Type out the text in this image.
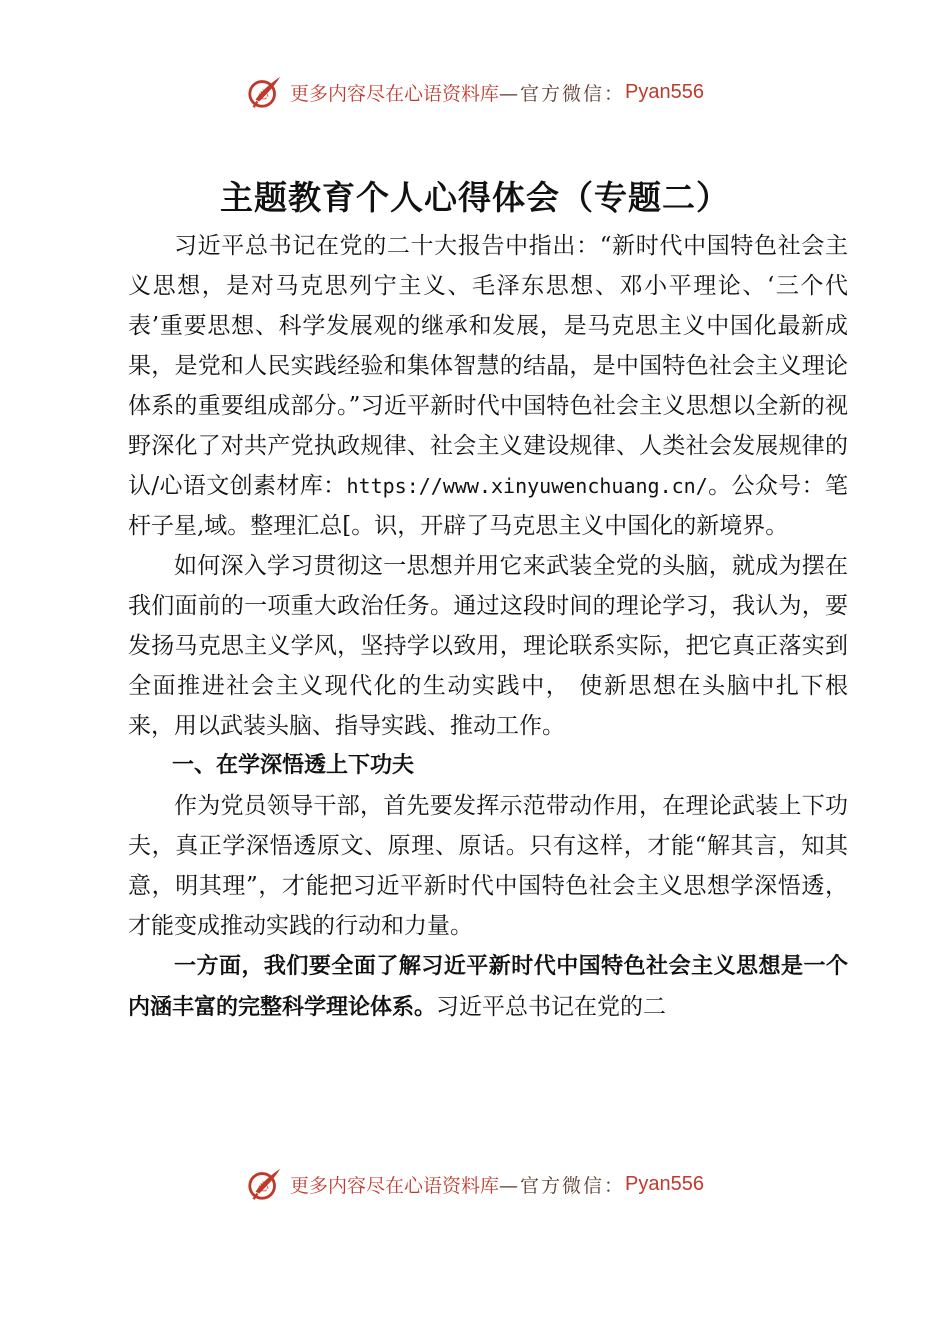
心 更多内容尽在心语资料库 —官方微信： Pyan556
主题教育个人心得体会（专题二）

习近平总书记在党的二十大报告中指出：“新时代中国特色社会主义思想，是对马克思列宁主义、毛泽东思想、邓小平理论、‘三个代表’重要思想、科学发展观的继承和发展，是马克思主义中国化最新成果，是党和人民实践经验和集体智慧的结晶，是中国特色社会主义理论体系的重要组成部分。”习近平新时代中国特色社会主义思想以全新的视野深化了对共产党执政规律、社会主义建设规律、人类社会发展规律的认/心语文创素材库：https://www.xinyuwenchuang.cn/。公众号：笔杆子星,域。整理汇总[。识，开辟了马克思主义中国化的新境界。

如何深入学习贯彻这一思想并用它来武装全党的头脑，就成为摆在我们面前的一项重大政治任务。通过这段时间的理论学习，我认为，要发扬马克思主义学风，坚持学以致用，理论联系实际，把它真正落实到全面推进社会主义现代化的生动实践中， 使新思想在头脑中扎下根来，用以武装头脑、指导实践、推动工作。

一、在学深悟透上下功夫

作为党员领导干部，首先要发挥示范带动作用，在理论武装上下功夫，真正学深悟透原文、原理、原话。只有这样，才能“解其言，知其意，明其理”，才能把习近平新时代中国特色社会主义思想学深悟透，才能变成推动实践的行动和力量。

一方面，我们要全面了解习近平新时代中国特色社会主义思想是一个内涵丰富的完整科学理论体系。习近平总书记在党的二

心 更多内容尽在心语资料库 —官方微信： Pyan556
